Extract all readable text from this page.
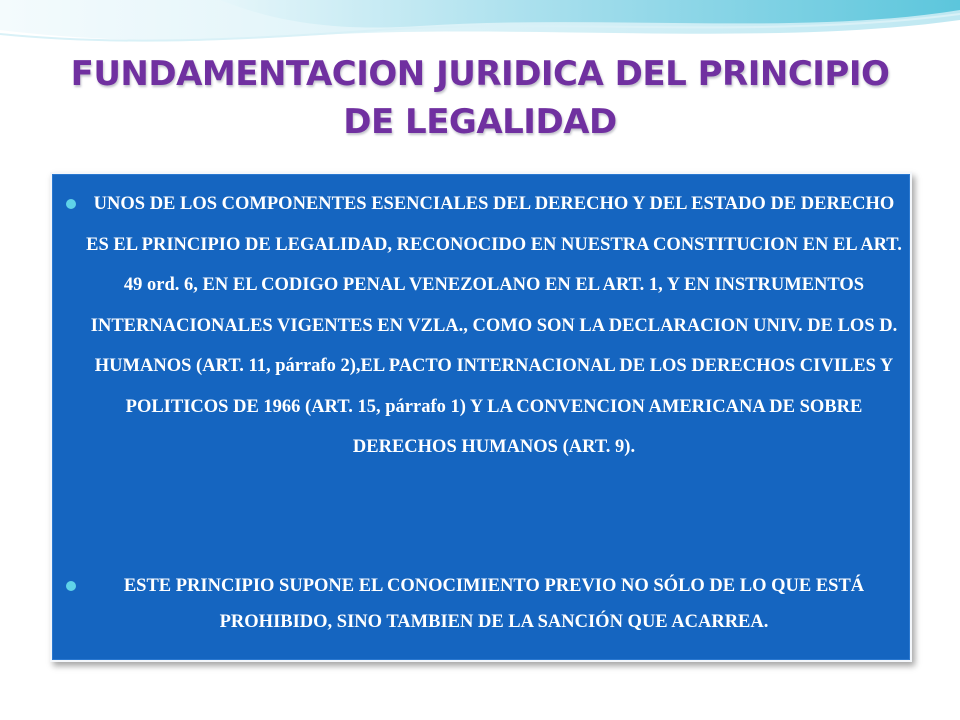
FUNDAMENTACION JURIDICA DEL PRINCIPIO DE LEGALIDAD
UNOS DE LOS COMPONENTES ESENCIALES DEL DERECHO Y DEL ESTADO DE DERECHO ES EL PRINCIPIO DE LEGALIDAD, RECONOCIDO EN NUESTRA CONSTITUCION EN EL ART. 49 ord. 6, EN EL CODIGO PENAL VENEZOLANO EN EL ART. 1, Y EN INSTRUMENTOS INTERNACIONALES VIGENTES EN VZLA., COMO SON LA DECLARACION UNIV. DE LOS D. HUMANOS (ART. 11, párrafo 2),EL PACTO INTERNACIONAL DE LOS DERECHOS CIVILES Y POLITICOS DE 1966 (ART. 15, párrafo 1) Y LA CONVENCION AMERICANA DE SOBRE DERECHOS HUMANOS (ART. 9).
ESTE PRINCIPIO SUPONE EL CONOCIMIENTO PREVIO NO SÓLO DE LO QUE ESTÁ PROHIBIDO, SINO TAMBIEN DE LA SANCIÓN QUE ACARREA.
